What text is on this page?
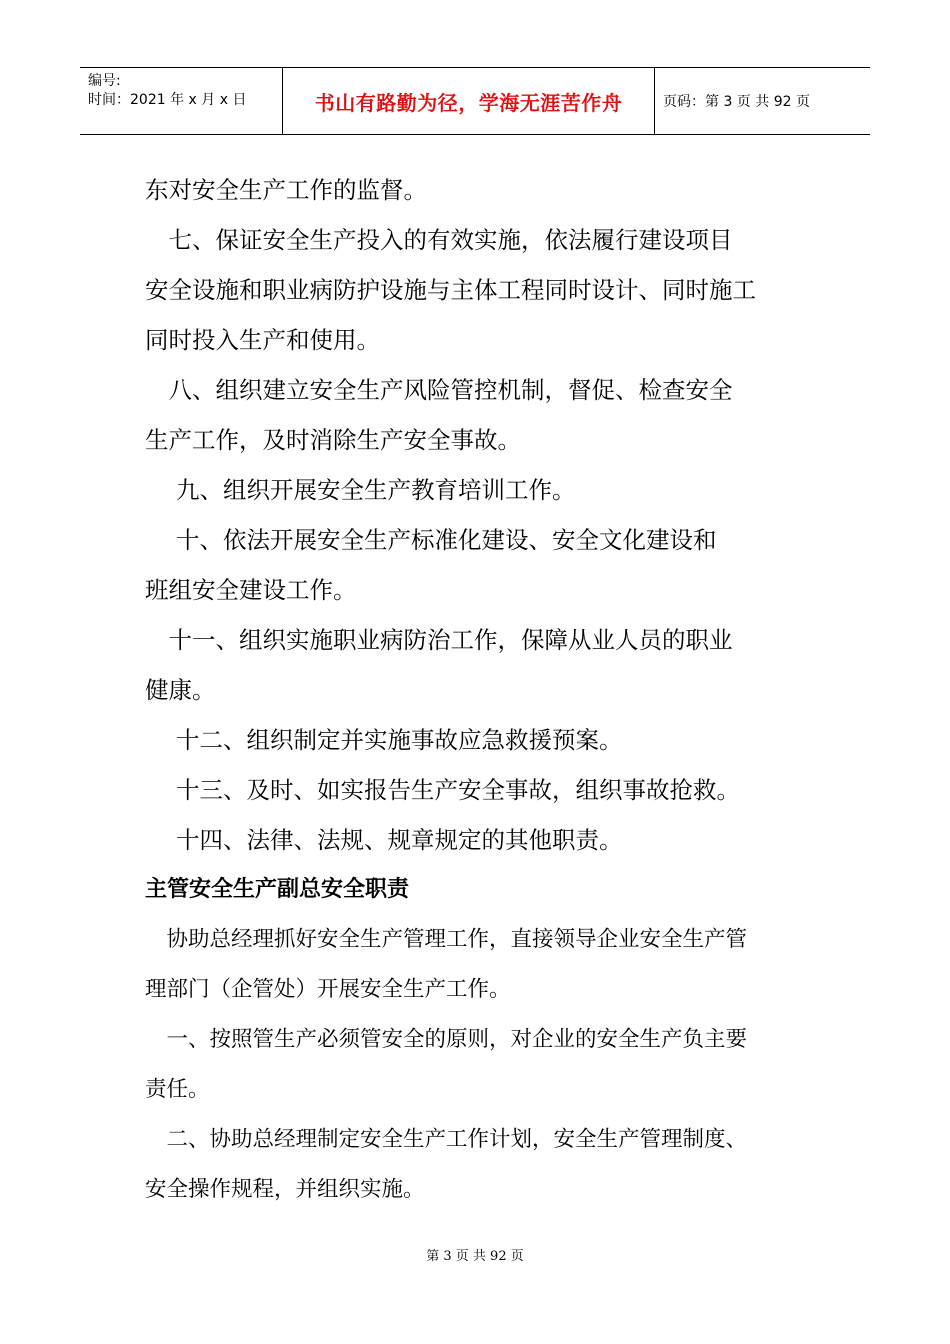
编号:
时间：2021 年 x 月 x 日	书山有路勤为径，学海无涯苦作舟	页码：第 3 页 共 92 页
东对安全生产工作的监督。
　七、保证安全生产投入的有效实施，依法履行建设项目
安全设施和职业病防护设施与主体工程同时设计、同时施工
同时投入生产和使用。
　八、组织建立安全生产风险管控机制，督促、检查安全
生产工作，及时消除生产安全事故。
　 九、组织开展安全生产教育培训工作。
　 十、依法开展安全生产标准化建设、安全文化建设和
班组安全建设工作。
　十一、组织实施职业病防治工作，保障从业人员的职业
健康。
　 十二、组织制定并实施事故应急救援预案。
　 十三、及时、如实报告生产安全事故，组织事故抢救。
　 十四、法律、法规、规章规定的其他职责。
主管安全生产副总安全职责
　协助总经理抓好安全生产管理工作，直接领导企业安全生产管
理部门（企管处）开展安全生产工作。
　一、按照管生产必须管安全的原则，对企业的安全生产负主要
责任。
　二、协助总经理制定安全生产工作计划，安全生产管理制度、
安全操作规程，并组织实施。
第 3 页 共 92 页
